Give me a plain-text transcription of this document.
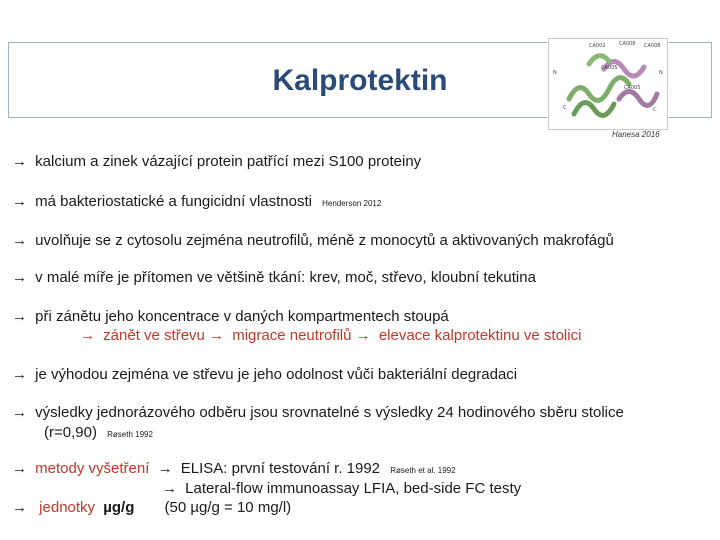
Kalprotektin
CA002	CA008 CA008
CA005
CA005
N	N
C	C
Hanesa 2016
→ kalcium a zinek vázající protein patřící mezi S100 proteiny
→ má bakteriostatické a fungicidní vlastnosti Henderson 2012
→ uvolňuje se z cytosolu zejména neutrofilů, méně z monocytů a aktivovaných makrofágů
→ v malé míře je přítomen ve většině tkání: krev, moč, střevo, kloubní tekutina
→ při zánětu jeho koncentrace v daných kompartmentech stoupá
→ zánět ve střevu → migrace neutrofilů → elevace kalprotektinu ve stolici
→ je výhodou zejména ve střevu je jeho odolnost vůči bakteriální degradaci
→ výsledky jednorázového odběru jsou srovnatelné s výsledky 24 hodinového sběru stolice
(r=0,90) Røseth 1992
→ metody vyšetření → ELISA: první testování r. 1992 Røseth et al. 1992
→ Lateral-flow immunoassay LFIA, bed-side FC testy
→ jednotky µg/g (50 µg/g = 10 mg/l)
